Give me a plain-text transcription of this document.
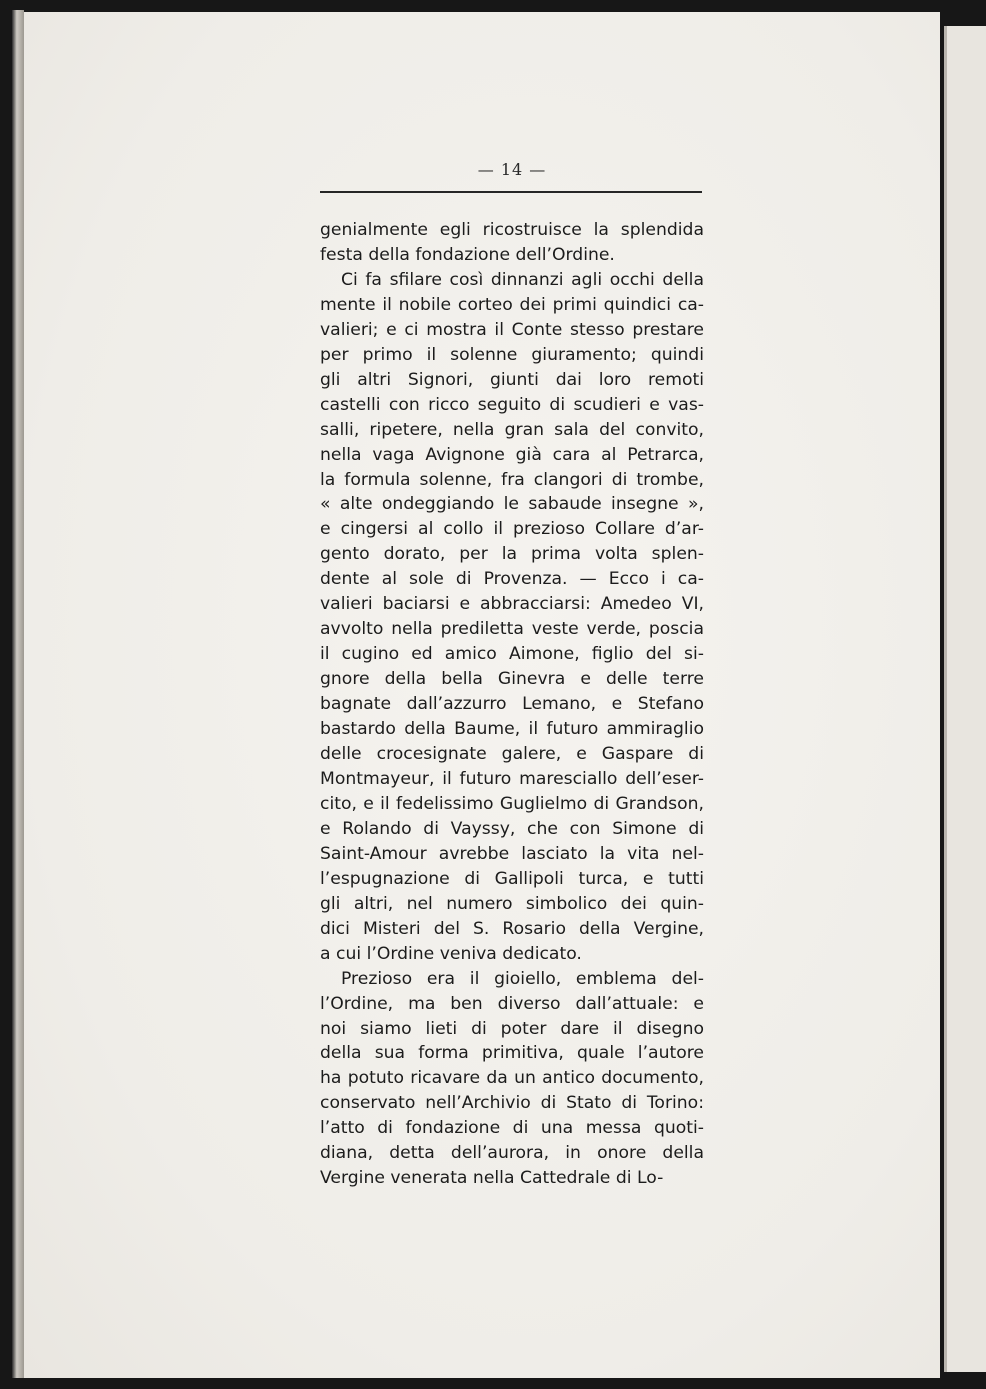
— 14 —

genialmente egli ricostruisce la splendida
festa della fondazione dell’Ordine.

Ci fa sfilare così dinnanzi agli occhi della
mente il nobile corteo dei primi quindici ca-
valieri; e ci mostra il Conte stesso prestare
per primo il solenne giuramento; quindi
gli altri Signori, giunti dai loro remoti
castelli con ricco seguito di scudieri e vas-
salli, ripetere, nella gran sala del convito,
nella vaga Avignone già cara al Petrarca,
la formula solenne, fra clangori di trombe,
« alte ondeggiando le sabaude insegne »,
e cingersi al collo il prezioso Collare d’ar-
gento dorato, per la prima volta splen-
dente al sole di Provenza. — Ecco i ca-
valieri baciarsi e abbracciarsi: Amedeo VI,
avvolto nella prediletta veste verde, poscia
il cugino ed amico Aimone, figlio del si-
gnore della bella Ginevra e delle terre
bagnate dall’azzurro Lemano, e Stefano
bastardo della Baume, il futuro ammiraglio
delle crocesignate galere, e Gaspare di
Montmayeur, il futuro maresciallo dell’eser-
cito, e il fedelissimo Guglielmo di Grandson,
e Rolando di Vayssy, che con Simone di
Saint-Amour avrebbe lasciato la vita nel-
l’espugnazione di Gallipoli turca, e tutti
gli altri, nel numero simbolico dei quin-
dici Misteri del S. Rosario della Vergine,
a cui l’Ordine veniva dedicato.

Prezioso era il gioiello, emblema del-
l’Ordine, ma ben diverso dall’attuale: e
noi siamo lieti di poter dare il disegno
della sua forma primitiva, quale l’autore
ha potuto ricavare da un antico documento,
conservato nell’Archivio di Stato di Torino:
l’atto di fondazione di una messa quoti-
diana, detta dell’aurora, in onore della
Vergine venerata nella Cattedrale di Lo-
